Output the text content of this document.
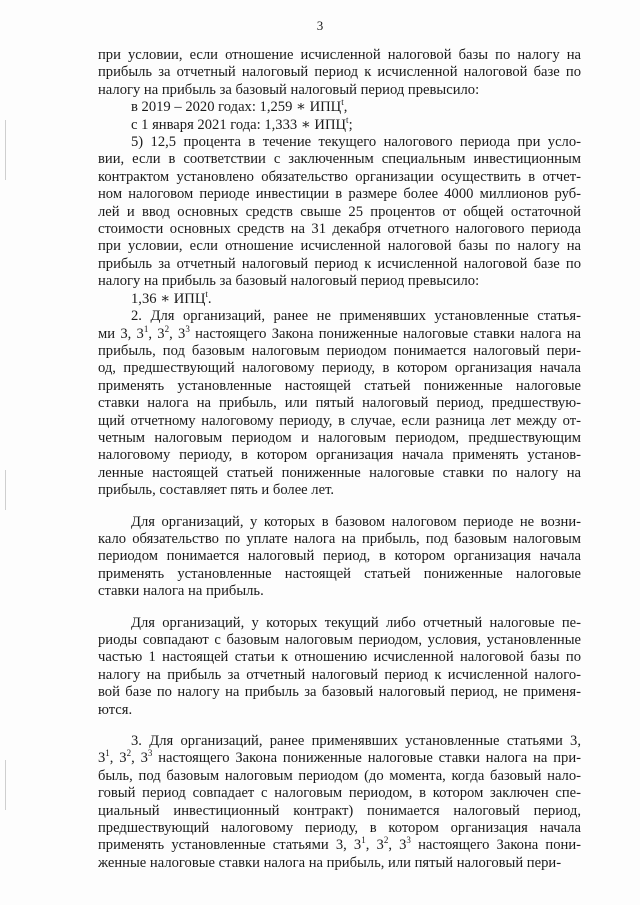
3
при условии, если отношение исчисленной налоговой базы по налогу на
прибыль за отчетный налоговый период к исчисленной налоговой базе по
налогу на прибыль за базовый налоговый период превысило:
в 2019 – 2020 годах: 1,259 ∗ ИПЦ$^t$,
с 1 января 2021 года: 1,333 ∗ ИПЦ$^t$;
5) 12,5 процента в течение текущего налогового периода при усло-
вии, если в соответствии с заключенным специальным инвестиционным
контрактом установлено обязательство организации осуществить в отчет-
ном налоговом периоде инвестиции в размере более 4000 миллионов руб-
лей и ввод основных средств свыше 25 процентов от общей остаточной
стоимости основных средств на 31 декабря отчетного налогового периода
при условии, если отношение исчисленной налоговой базы по налогу на
прибыль за отчетный налоговый период к исчисленной налоговой базе по
налогу на прибыль за базовый налоговый период превысило:
1,36 ∗ ИПЦ$^t$.
2. Для организаций, ранее не применявших установленные статья-
ми 3, $3^1$, $3^2$, $3^3$ настоящего Закона пониженные налоговые ставки налога на
прибыль, под базовым налоговым периодом понимается налоговый пери-
од, предшествующий налоговому периоду, в котором организация начала
применять установленные настоящей статьей пониженные налоговые
ставки налога на прибыль, или пятый налоговый период, предшествую-
щий отчетному налоговому периоду, в случае, если разница лет между от-
четным налоговым периодом и налоговым периодом, предшествующим
налоговому периоду, в котором организация начала применять установ-
ленные настоящей статьей пониженные налоговые ставки по налогу на
прибыль, составляет пять и более лет.
Для организаций, у которых в базовом налоговом периоде не возни-
кало обязательство по уплате налога на прибыль, под базовым налоговым
периодом понимается налоговый период, в котором организация начала
применять установленные настоящей статьей пониженные налоговые
ставки налога на прибыль.
Для организаций, у которых текущий либо отчетный налоговые пе-
риоды совпадают с базовым налоговым периодом, условия, установленные
частью 1 настоящей статьи к отношению исчисленной налоговой базы по
налогу на прибыль за отчетный налоговый период к исчисленной налого-
вой базе по налогу на прибыль за базовый налоговый период, не применя-
ются.
3. Для организаций, ранее применявших установленные статьями 3,
$3^1$, $3^2$, $3^3$ настоящего Закона пониженные налоговые ставки налога на при-
быль, под базовым налоговым периодом (до момента, когда базовый нало-
говый период совпадает с налоговым периодом, в котором заключен спе-
циальный инвестиционный контракт) понимается налоговый период,
предшествующий налоговому периоду, в котором организация начала
применять установленные статьями 3, $3^1$, $3^2$, $3^3$ настоящего Закона пони-
женные налоговые ставки налога на прибыль, или пятый налоговый пери-
